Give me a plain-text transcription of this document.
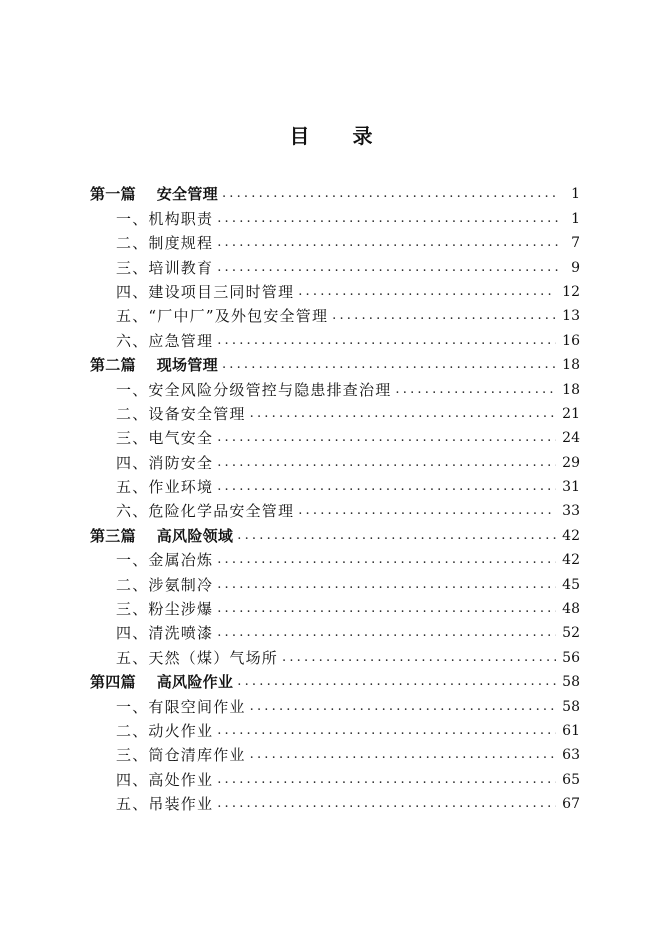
目 录
第一篇　 安全管理 .....	1
一、机构职责 .....	1
二、制度规程 .....	7
三、培训教育 .....	9
四、建设项目三同时管理 .....	12
五、“厂中厂”及外包安全管理 .....	13
六、应急管理 .....	16
第二篇　 现场管理 .....	18
一、安全风险分级管控与隐患排查治理 .....	18
二、设备安全管理 .....	21
三、电气安全 .....	24
四、消防安全 .....	29
五、作业环境 .....	31
六、危险化学品安全管理 .....	33
第三篇　 高风险领域 .....	42
一、金属冶炼 .....	42
二、涉氨制冷 .....	45
三、粉尘涉爆 .....	48
四、清洗喷漆 .....	52
五、天然（煤）气场所 .....	56
第四篇　 高风险作业 .....	58
一、有限空间作业 .....	58
二、动火作业 .....	61
三、筒仓清库作业 .....	63
四、高处作业 .....	65
五、吊装作业 .....	67
